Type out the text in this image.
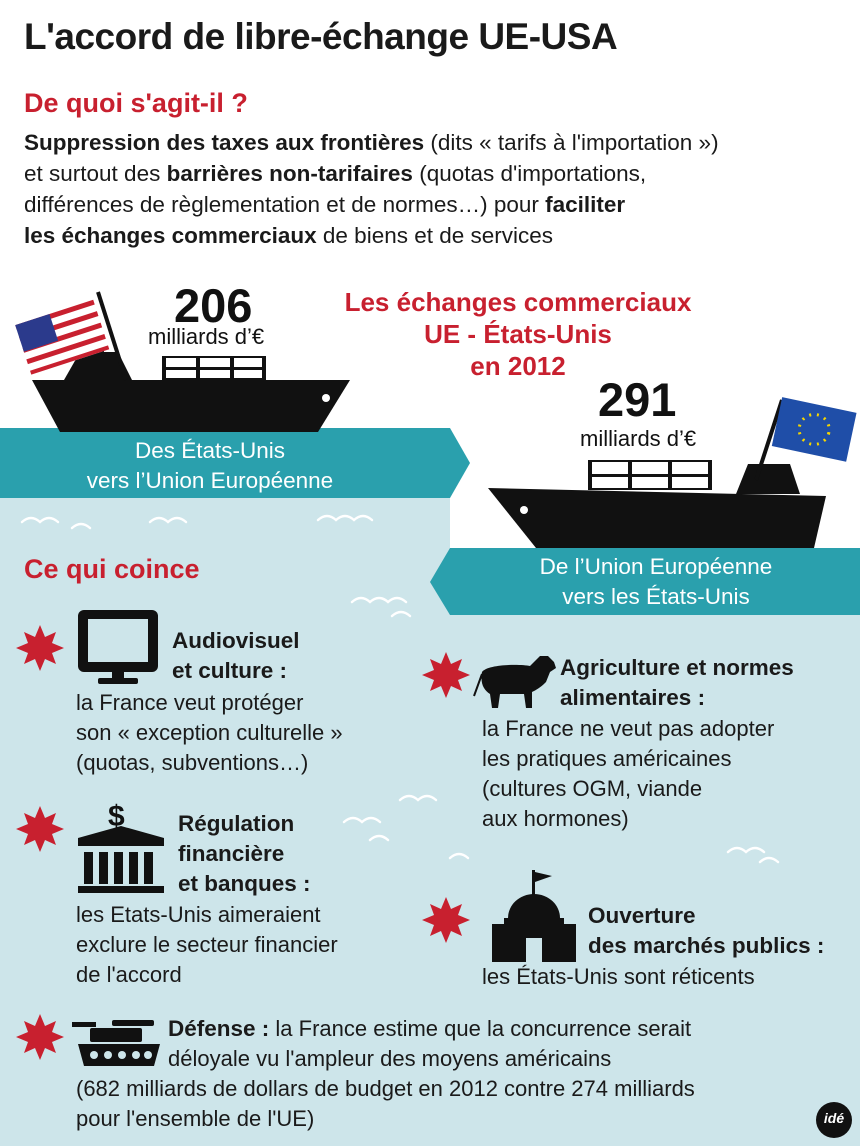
L'accord de libre-échange UE-USA
De quoi s'agit-il ?
Suppression des taxes aux frontières (dits « tarifs à l'importation »)
et surtout des barrières non-tarifaires (quotas d'importations,
différences de règlementation et de normes…) pour faciliter
les échanges commerciaux de biens et de services
Les échanges commerciaux
UE - États-Unis
en 2012
206
milliards d’€
Des États-Unis
vers l’Union Européenne
291
milliards d’€
De l’Union Européenne
vers les États-Unis
Ce qui coince
Audiovisuel
et culture :
la France veut protéger
son « exception culturelle »
(quotas, subventions…)
Agriculture et normes
alimentaires :
la France ne veut pas adopter
les pratiques américaines
(cultures OGM, viande
aux hormones)
Régulation
financière
et banques :
$
les Etats-Unis aimeraient
exclure le secteur financier
de l'accord
Ouverture
des marchés publics :
les États-Unis sont réticents
Défense : la France estime que la concurrence serait
déloyale vu l'ampleur des moyens américains
(682 milliards de dollars de budget en 2012 contre 274 milliards
pour l'ensemble de l'UE)	idé
